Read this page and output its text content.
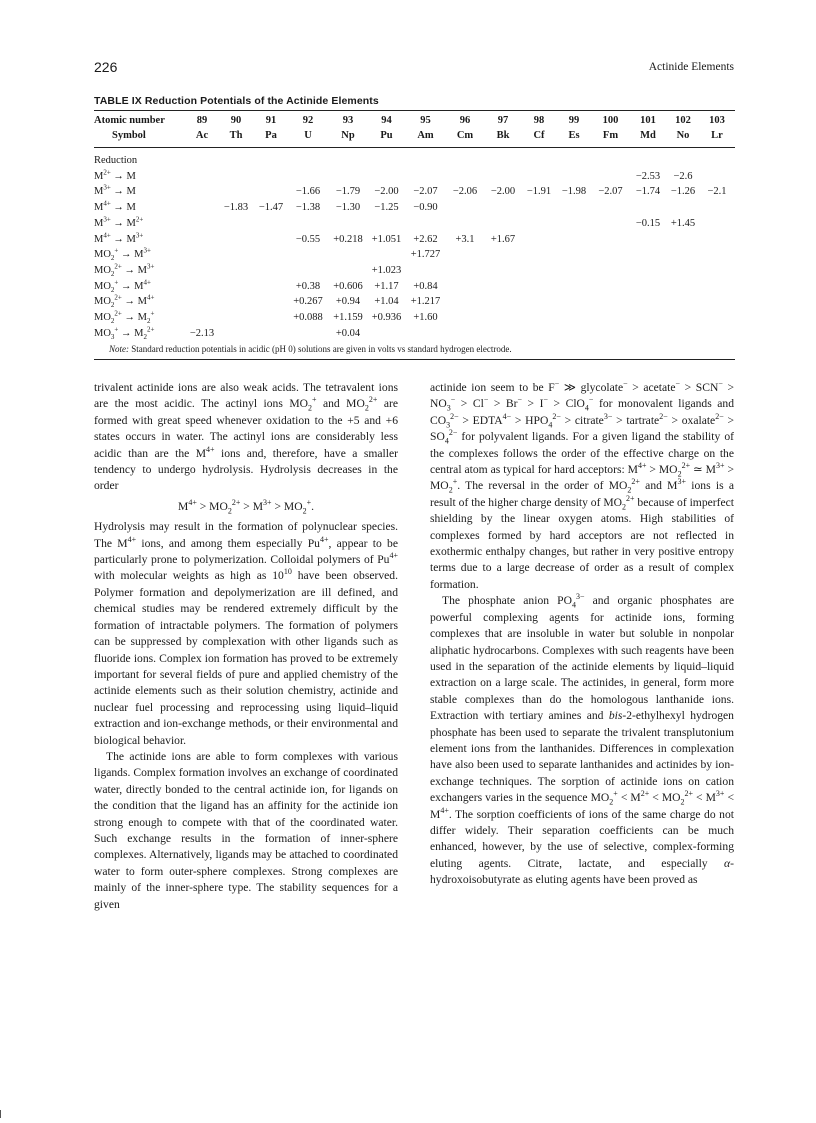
226	Actinide Elements
TABLE IX Reduction Potentials of the Actinide Elements
Atomic number	89	90	91	92	93	94	95	96	97	98	99	100	101	102	103
Symbol	Ac	Th	Pa	U	Np	Pu	Am	Cm	Bk	Cf	Es	Fm	Md	No	Lr

Reduction															
$M^{2+} \to M$													−2.53	−2.6	
$M^{3+} \to M$				−1.66	−1.79	−2.00	−2.07	−2.06	−2.00	−1.91	−1.98	−2.07	−1.74	−1.26	−2.1
$M^{4+} \to M$		−1.83	−1.47	−1.38	−1.30	−1.25	−0.90								
$M^{3+} \to M^{2+}$													−0.15	+1.45	
$M^{4+} \to M^{3+}$				−0.55	+0.218	+1.051	+2.62	+3.1	+1.67						
$MO_2^+ \to M^{3+}$							+1.727								
$MO_2^{2+} \to M^{3+}$						+1.023									
$MO_2^+ \to M^{4+}$				+0.38	+0.606	+1.17	+0.84								
$MO_2^{2+} \to M^{4+}$				+0.267	+0.94	+1.04	+1.217								
$MO_2^{2+} \to M_2^+$				+0.088	+1.159	+0.936	+1.60								
$MO_3^+ \to M_2^{2+}$	−2.13				+0.04										
Note: Standard reduction potentials in acidic (pH 0) solutions are given in volts vs standard hydrogen electrode.

trivalent actinide ions are also weak acids. The tetravalent ions are the most acidic. The actinyl ions $MO_2^+$ and $MO_2^{2+}$ are formed with great speed whenever oxidation to the +5 and +6 states occurs in water. The actinyl ions are considerably less acidic than are the $M^{4+}$ ions and, therefore, have a smaller tendency to undergo hydrolysis. Hydrolysis decreases in the order

$M^{4+} > MO_2^{2+} > M^{3+} > MO_2^+$.

Hydrolysis may result in the formation of polynuclear species. The $M^{4+}$ ions, and among them especially $Pu^{4+}$, appear to be particularly prone to polymerization. Colloidal polymers of $Pu^{4+}$ with molecular weights as high as $10^{10}$ have been observed. Polymer formation and depolymerization are ill defined, and chemical studies may be rendered extremely difficult by the formation of intractable polymers. The formation of polymers can be suppressed by complexation with other ligands such as fluoride ions. Complex ion formation has proved to be extremely important for several fields of pure and applied chemistry of the actinide elements such as their solution chemistry, actinide and nuclear fuel processing and reprocessing using liquid–liquid extraction and ion-exchange methods, or their environmental and biological behavior.

The actinide ions are able to form complexes with various ligands. Complex formation involves an exchange of coordinated water, directly bonded to the central actinide ion, for ligands on the condition that the ligand has an affinity for the actinide ion strong enough to compete with that of the coordinated water. Such exchange results in the formation of inner-sphere complexes. Alternatively, ligands may be attached to coordinated water to form outer-sphere complexes. Strong complexes are mainly of the inner-sphere type. The stability sequences for a given

actinide ion seem to be F− ≫ glycolate− > acetate− > $SCN^- > NO_3^- > Cl^- > Br^- > I^- > ClO_4^-$ for monovalent ligands and $CO_3^{2-}$ > $EDTA^{4-} > HPO_4^{2-}$ > citrate$^{3-}$ > tartrate$^{2-}$ > oxalate$^{2-}$ > $SO_4^{2-}$ for polyvalent ligands. For a given ligand the stability of the complexes follows the order of the effective charge on the central atom as typical for hard acceptors: $M^{4+} > MO_2^{2+}$ ≃ $M^{3+} > MO_2^+$. The reversal in the order of $MO_2^{2+}$ and $M^{3+}$ ions is a result of the higher charge density of $MO_2^{2+}$ because of imperfect shielding by the linear oxygen atoms. High stabilities of complexes formed by hard acceptors are not reflected in exothermic enthalpy changes, but rather in very positive entropy terms due to a large decrease of order as a result of complex formation.

The phosphate anion $PO_4^{3-}$ and organic phosphates are powerful complexing agents for actinide ions, forming complexes that are insoluble in water but soluble in nonpolar aliphatic hydrocarbons. Complexes with such reagents have been used in the separation of the actinide elements by liquid–liquid extraction on a large scale. The actinides, in general, form more stable complexes than do the homologous lanthanide ions. Extraction with tertiary amines and bis-2-ethylhexyl hydrogen phosphate has been used to separate the trivalent transplutonium element ions from the lanthanides. Differences in complexation have also been used to separate lanthanides and actinides by ion-exchange techniques. The sorption of actinide ions on cation exchangers varies in the sequence $MO_2^+ < M^{2+} < MO_2^{2+} < M^{3+} < M^{4+}$. The sorption coefficients of ions of the same charge do not differ widely. Their separation coefficients can be much enhanced, however, by the use of selective, complex-forming eluting agents. Citrate, lactate, and especially α-hydroxoisobutyrate as eluting agents have been proved as
